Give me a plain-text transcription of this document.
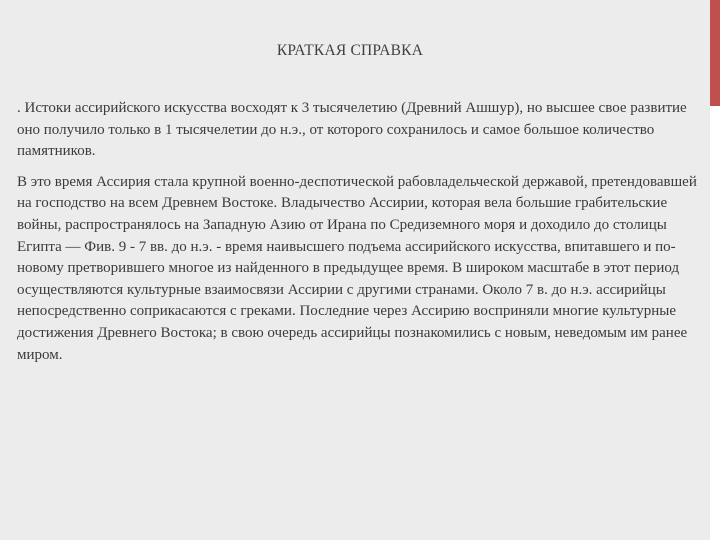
КРАТКАЯ СПРАВКА

. Истоки ассирийского искусства восходят к 3 тысячелетию (Древний Ашшур), но высшее свое развитие оно получило только в 1 тысячелетии до н.э., от которого сохранилось и самое большое количество памятников.

В это время Ассирия стала крупной военно-деспотической рабовладельческой державой, претендовавшей на господство на всем Древнем Востоке. Владычество Ассирии, которая вела большие грабительские войны, распространялось на Западную Азию от Ирана по Средиземного моря и доходило до столицы Египта — Фив. 9 - 7 вв. до н.э. - время наивысшего подъема ассирийского искусства, впитавшего и по-новому претворившего многое из найденного в предыдущее время. В широком масштабе в этот период осуществляются культурные взаимосвязи Ассирии с другими странами. Около 7 в. до н.э. ассирийцы непосредственно соприкасаются с греками. Последние через Ассирию восприняли многие культурные достижения Древнего Востока; в свою очередь ассирийцы познакомились с новым, неведомым им ранее миром.
